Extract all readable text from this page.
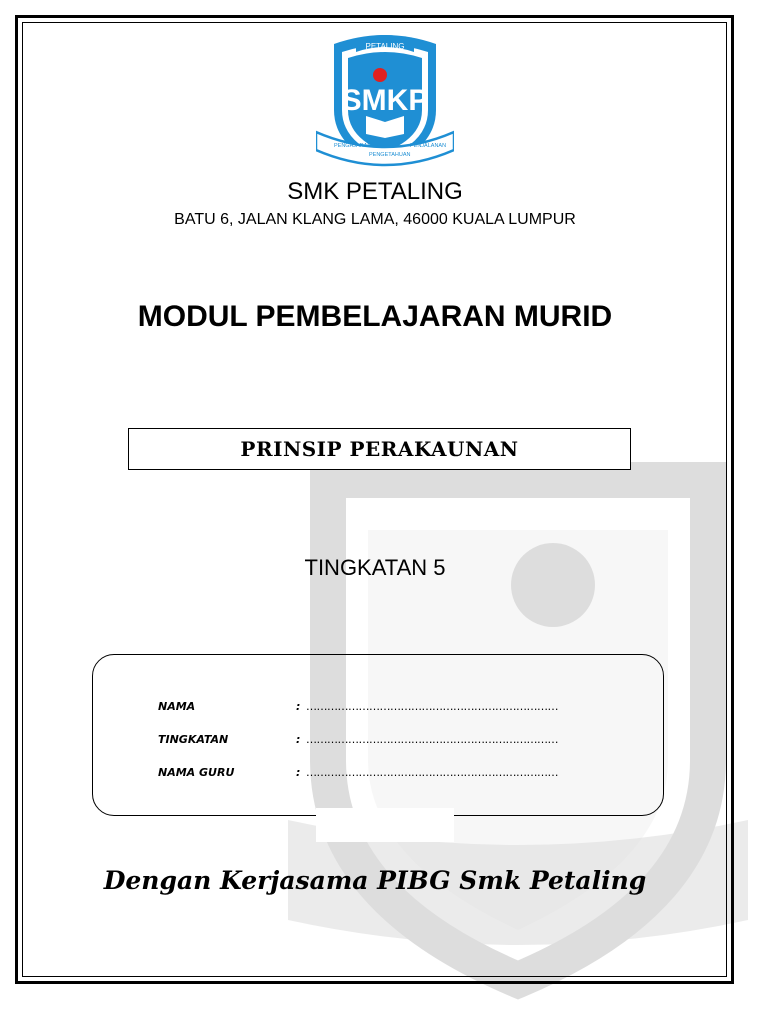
PETALING
SMKP
PENGAJARAN
PENGETAHUAN
PENJALANAN
SMK PETALING
BATU 6, JALAN KLANG LAMA, 46000 KUALA LUMPUR
MODUL PEMBELAJARAN MURID
PRINSIP PERAKAUNAN
TINGKATAN 5
NAMA	: ………………………………………………………………
TINGKATAN	: ………………………………………………………………
NAMA GURU	: ………………………………………………………………
Dengan Kerjasama PIBG Smk Petaling
